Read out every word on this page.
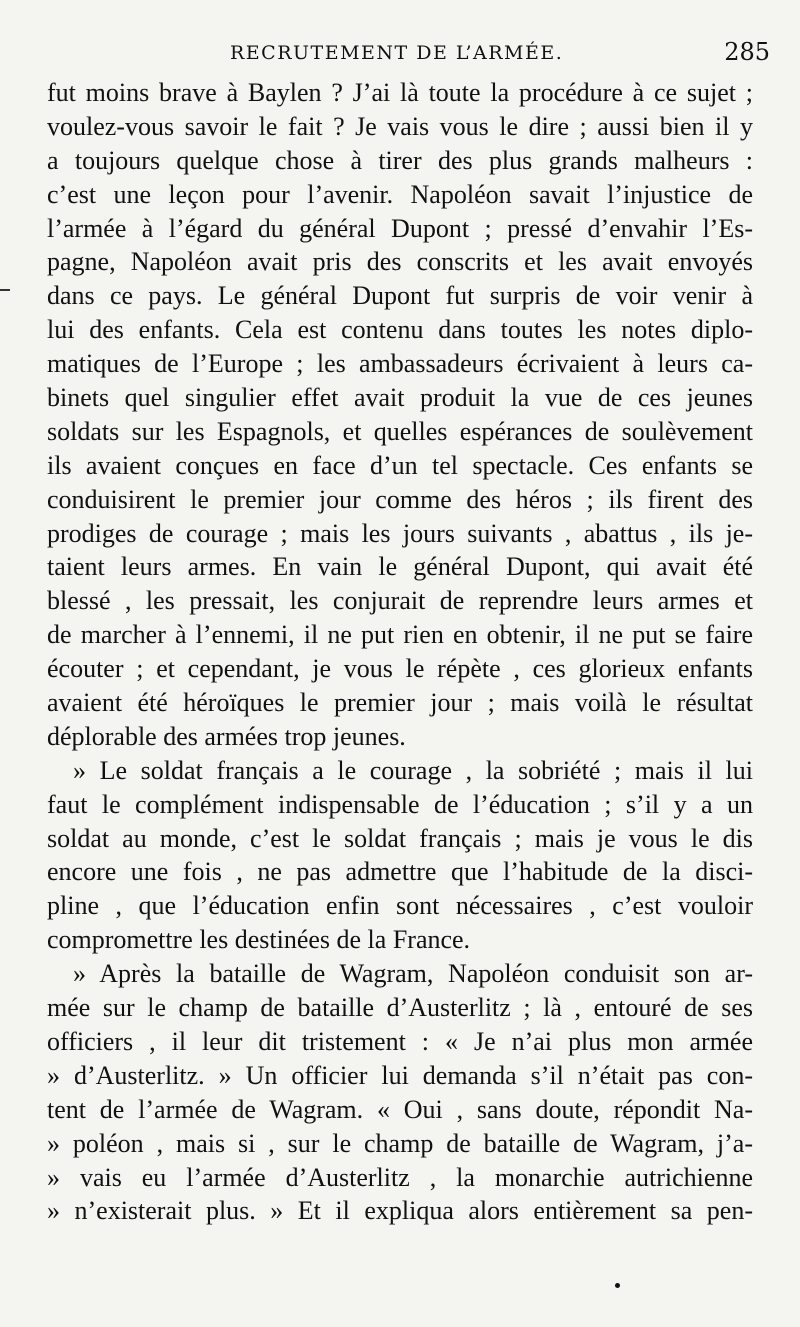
RECRUTEMENT DE L’ARMÉE.	285
fut moins brave à Baylen ? J’ai là toute la procédure à ce sujet ;
voulez-vous savoir le fait ? Je vais vous le dire ; aussi bien il y
a toujours quelque chose à tirer des plus grands malheurs :
c’est une leçon pour l’avenir. Napoléon savait l’injustice de
l’armée à l’égard du général Dupont ; pressé d’envahir l’Es-
pagne, Napoléon avait pris des conscrits et les avait envoyés
dans ce pays. Le général Dupont fut surpris de voir venir à
lui des enfants. Cela est contenu dans toutes les notes diplo-
matiques de l’Europe ; les ambassadeurs écrivaient à leurs ca-
binets quel singulier effet avait produit la vue de ces jeunes
soldats sur les Espagnols, et quelles espérances de soulèvement
ils avaient conçues en face d’un tel spectacle. Ces enfants se
conduisirent le premier jour comme des héros ; ils firent des
prodiges de courage ; mais les jours suivants , abattus , ils je-
taient leurs armes. En vain le général Dupont, qui avait été
blessé , les pressait, les conjurait de reprendre leurs armes et
de marcher à l’ennemi, il ne put rien en obtenir, il ne put se faire
écouter ; et cependant, je vous le répète , ces glorieux enfants
avaient été héroïques le premier jour ; mais voilà le résultat
déplorable des armées trop jeunes.
» Le soldat français a le courage , la sobriété ; mais il lui
faut le complément indispensable de l’éducation ; s’il y a un
soldat au monde, c’est le soldat français ; mais je vous le dis
encore une fois , ne pas admettre que l’habitude de la disci-
pline , que l’éducation enfin sont nécessaires , c’est vouloir
compromettre les destinées de la France.
» Après la bataille de Wagram, Napoléon conduisit son ar-
mée sur le champ de bataille d’Austerlitz ; là , entouré de ses
officiers , il leur dit tristement : « Je n’ai plus mon armée
» d’Austerlitz. » Un officier lui demanda s’il n’était pas con-
tent de l’armée de Wagram. « Oui , sans doute, répondit Na-
» poléon , mais si , sur le champ de bataille de Wagram, j’a-
» vais eu l’armée d’Austerlitz , la monarchie autrichienne
» n’existerait plus. » Et il expliqua alors entièrement sa pen-
